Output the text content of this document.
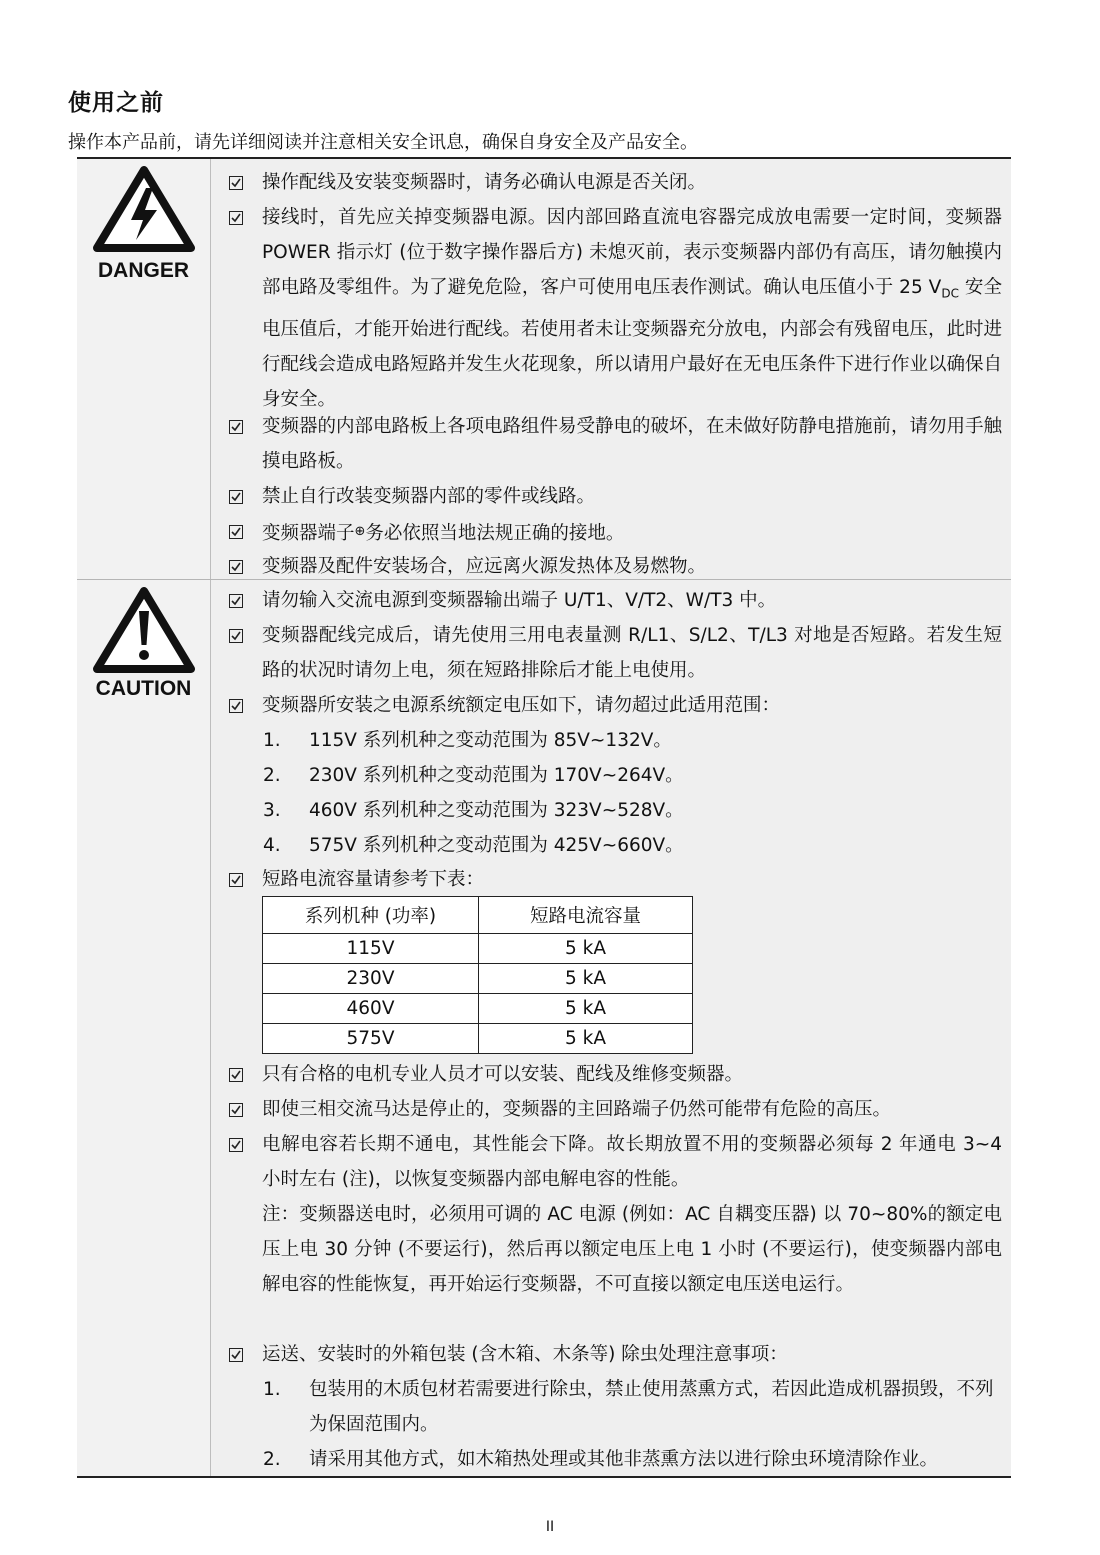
使用之前
操作本产品前，请先详细阅读并注意相关安全讯息，确保自身安全及产品安全。
DANGER
操作配线及安装变频器时，请务必确认电源是否关闭。
接线时，首先应关掉变频器电源。因内部回路直流电容器完成放电需要一定时间，变频器 POWER 指示灯 (位于数字操作器后方) 未熄灭前，表示变频器内部仍有高压，请勿触摸内部电路及零组件。为了避免危险，客户可使用电压表作测试。确认电压值小于 25 $V_{DC}$ 安全电压值后，才能开始进行配线。若使用者未让变频器充分放电，内部会有残留电压，此时进行配线会造成电路短路并发生火花现象，所以请用户最好在无电压条件下进行作业以确保自身安全。
变频器的内部电路板上各项电路组件易受静电的破坏，在未做好防静电措施前，请勿用手触摸电路板。
禁止自行改装变频器内部的零件或线路。
变频器端子⊕务必依照当地法规正确的接地。
变频器及配件安装场合，应远离火源发热体及易燃物。
CAUTION
请勿输入交流电源到变频器输出端子 U/T1、V/T2、W/T3 中。
变频器配线完成后，请先使用三用电表量测 R/L1、S/L2、T/L3 对地是否短路。若发生短路的状况时请勿上电，须在短路排除后才能上电使用。
变频器所安装之电源系统额定电压如下，请勿超过此适用范围：
1.	115V 系列机种之变动范围为 85V~132V。
2.	230V 系列机种之变动范围为 170V~264V。
3.	460V 系列机种之变动范围为 323V~528V。
4.	575V 系列机种之变动范围为 425V~660V。
短路电流容量请参考下表：
系列机种 (功率)	短路电流容量
115V	5 kA
230V	5 kA
460V	5 kA
575V	5 kA
只有合格的电机专业人员才可以安装、配线及维修变频器。
即使三相交流马达是停止的，变频器的主回路端子仍然可能带有危险的高压。
电解电容若长期不通电，其性能会下降。故长期放置不用的变频器必须每 2 年通电 3~4 小时左右 (注)，以恢复变频器内部电解电容的性能。
注：变频器送电时，必须用可调的 AC 电源 (例如：AC 自耦变压器) 以 70~80%的额定电压上电 30 分钟 (不要运行)，然后再以额定电压上电 1 小时 (不要运行)，使变频器内部电解电容的性能恢复，再开始运行变频器，不可直接以额定电压送电运行。
运送、安装时的外箱包装 (含木箱、木条等) 除虫处理注意事项：
1.	包装用的木质包材若需要进行除虫，禁止使用蒸熏方式，若因此造成机器损毁，不列为保固范围内。
2.	请采用其他方式，如木箱热处理或其他非蒸熏方法以进行除虫环境清除作业。
II
